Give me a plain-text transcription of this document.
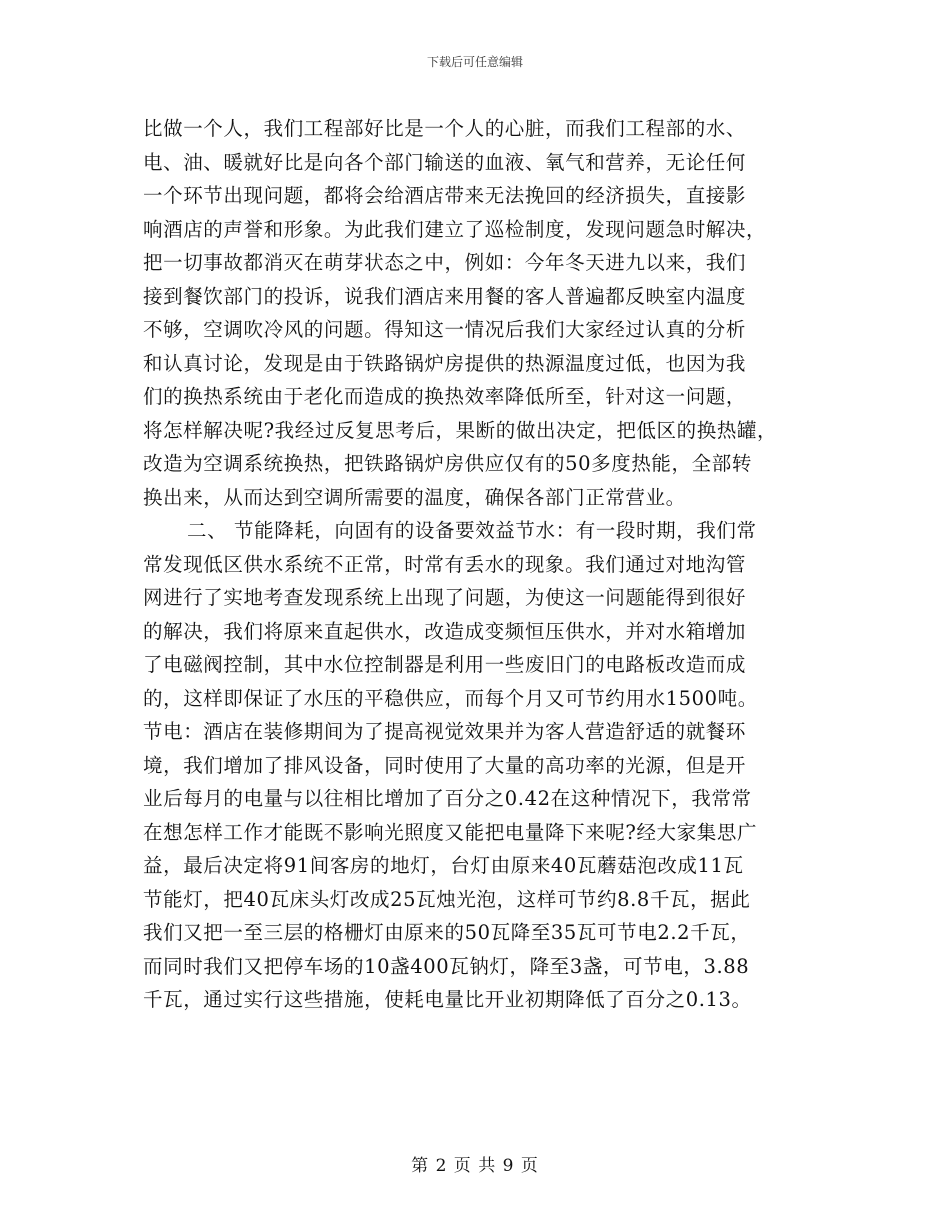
下载后可任意编辑
比做一个人，我们工程部好比是一个人的心脏，而我们工程部的水、
电、油、暖就好比是向各个部门输送的血液、氧气和营养，无论任何
一个环节出现问题，都将会给酒店带来无法挽回的经济损失，直接影
响酒店的声誉和形象。为此我们建立了巡检制度，发现问题急时解决，
把一切事故都消灭在萌芽状态之中，例如：今年冬天进九以来，我们
接到餐饮部门的投诉，说我们酒店来用餐的客人普遍都反映室内温度
不够，空调吹冷风的问题。得知这一情况后我们大家经过认真的分析
和认真讨论，发现是由于铁路锅炉房提供的热源温度过低，也因为我
们的换热系统由于老化而造成的换热效率降低所至，针对这一问题，
将怎样解决呢?我经过反复思考后，果断的做出决定，把低区的换热罐，
改造为空调系统换热，把铁路锅炉房供应仅有的50多度热能，全部转
换出来，从而达到空调所需要的温度，确保各部门正常营业。
二、 节能降耗，向固有的设备要效益节水：有一段时期，我们常
常发现低区供水系统不正常，时常有丢水的现象。我们通过对地沟管
网进行了实地考查发现系统上出现了问题，为使这一问题能得到很好
的解决，我们将原来直起供水，改造成变频恒压供水，并对水箱增加
了电磁阀控制，其中水位控制器是利用一些废旧门的电路板改造而成
的，这样即保证了水压的平稳供应，而每个月又可节约用水1500吨。
节电：酒店在装修期间为了提高视觉效果并为客人营造舒适的就餐环
境，我们增加了排风设备，同时使用了大量的高功率的光源，但是开
业后每月的电量与以往相比增加了百分之0.42在这种情况下，我常常
在想怎样工作才能既不影响光照度又能把电量降下来呢?经大家集思广
益，最后决定将91间客房的地灯，台灯由原来40瓦蘑菇泡改成11瓦
节能灯，把40瓦床头灯改成25瓦烛光泡，这样可节约8.8千瓦，据此
我们又把一至三层的格栅灯由原来的50瓦降至35瓦可节电2.2千瓦，
而同时我们又把停车场的10盏400瓦钠灯，降至3盏，可节电，3.88
千瓦，通过实行这些措施，使耗电量比开业初期降低了百分之0.13。
第 2 页 共 9 页
